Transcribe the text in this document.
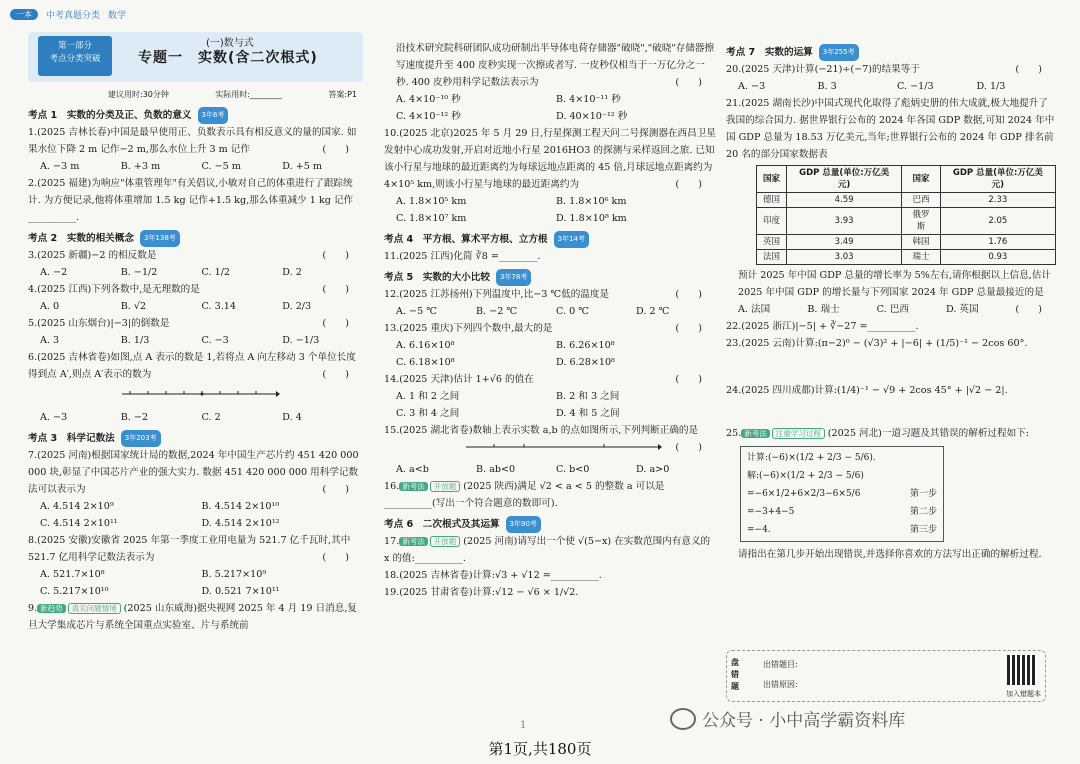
一本	中考真题分类 数学
第一部分
考点分类突破
(一)数与式
专题一　实数(含二次根式)
建议用时:30分钟	实际用时:________	答案:P1
考点 1　实数的分类及正、负数的意义	3年6考

1.(2025 吉林长春)中国是最早使用正、负数表示具有相反意义的量的国家. 如果水位下降 2 m 记作−2 m,那么水位上升 3 m 记作	(　　)

A. −3 m	B. +3 m	C. −5 m	D. +5 m

2.(2025 福建)为响应"体重管理年"有关倡议,小敏对自己的体重进行了跟踪统计. 为方便记录,他将体重增加 1.5 kg 记作+1.5 kg,那么体重减少 1 kg 记作__________.

考点 2　实数的相关概念	3年138考

3.(2025 新疆)−2 的相反数是	(　　)

A. −2	B. −1/2	C. 1/2	D. 2

4.(2025 江西)下列各数中,是无理数的是	(　　)

A. 0	B. √2	C. 3.14	D. 2/3

5.(2025 山东烟台)|−3|的倒数是	(　　)

A. 3	B. 1/3	C. −3	D. −1/3

6.(2025 吉林省卷)如图,点 A 表示的数是 1,若将点 A 向左移动 3 个单位长度得到点 A′,则点 A′表示的数为	(　　)

A. −3	B. −2	C. 2	D. 4
考点 3　科学记数法	3年203考

7.(2025 河南)根据国家统计局的数据,2024 年中国生产芯片约 451 420 000 000 块,彰显了中国芯片产业的强大实力. 数据 451 420 000 000 用科学记数法可以表示为	(　　)

A. 4.514 2×10⁹	B. 4.514 2×10¹⁰
C. 4.514 2×10¹¹	D. 4.514 2×10¹²

8.(2025 安徽)安徽省 2025 年第一季度工业用电量为 521.7 亿千瓦时,其中 521.7 亿用科学记数法表示为	(　　)

A. 521.7×10⁸	B. 5.217×10⁹
C. 5.217×10¹⁰	D. 0.521 7×10¹¹

9. 新趋势 真实问题情境 (2025 山东威海)据央视网 2025 年 4 月 19 日消息,复旦大学集成芯片与系统全国重点实验室、片与系统前

沿技术研究院科研团队成功研制出半导体电荷存储器"破晓","破晓"存储器擦写速度提升至 400 皮秒实现一次擦或者写. 一皮秒仅相当于一万亿分之一秒. 400 皮秒用科学记数法表示为	(　　)

A. 4×10⁻¹⁰ 秒	B. 4×10⁻¹¹ 秒
C. 4×10⁻¹² 秒	D. 40×10⁻¹² 秒

10.(2025 北京)2025 年 5 月 29 日,行星探测工程天问二号探测器在西昌卫星发射中心成功发射,开启对近地小行星 2016HO3 的探测与采样返回之旅. 已知该小行星与地球的最近距离约为每球远地点距离的 45 倍,月球远地点距离约为 4×10⁵ km,则该小行星与地球的最近距离约为	(　　)

A. 1.8×10⁵ km	B. 1.8×10⁶ km
C. 1.8×10⁷ km	D. 1.8×10⁸ km
考点 4　平方根、算术平方根、立方根	3年14考

11.(2025 江西)化简 ∛8 =________.

考点 5　实数的大小比较	3年78考

12.(2025 江苏扬州)下列温度中,比−3 ℃低的温度是	(　　)

A. −5 ℃	B. −2 ℃	C. 0 ℃	D. 2 ℃

13.(2025 重庆)下列四个数中,最大的是	(　　)

A. 6.16×10⁸	B. 6.26×10⁸
C. 6.18×10⁸	D. 6.28×10⁸

14.(2025 天津)估计 1+√6 的值在	(　　)

A. 1 和 2 之间	B. 2 和 3 之间
C. 3 和 4 之间	D. 4 和 5 之间

15.(2025 湖北省卷)数轴上表示实数 a,b 的点如图所示,下列判断正确的是
(　　)

A. a<b	B. ab<0	C. b<0	D. a>0

16. 新考法 开放题 (2025 陕西)满足 √2 < a < 5 的整数 a 可以是__________(写出一个符合题意的数即可).

考点 6　二次根式及其运算	3年90考

17. 新考法 开放题 (2025 河南)请写出一个使 √(5−x) 在实数范围内有意义的 x 的值:__________.

18.(2025 吉林省卷)计算:√3 + √12 =__________.

19.(2025 甘肃省卷)计算:√12 − √6 × 1/√2.

考点 7　实数的运算	3年255考

20.(2025 天津)计算(−21)÷(−7)的结果等于	(　　)

A. −3	B. 3	C. −1/3	D. 1/3

21.(2025 湖南长沙)中国式现代化取得了彪炳史册的伟大成就,极大地提升了我国的综合国力. 据世界银行公布的 2024 年各国 GDP 数据,可知 2024 年中国 GDP 总量为 18.53 万亿美元,当年;世界银行公布的 2024 年 GDP 排名前 20 名的部分国家数据表

国家	GDP 总量(单位:万亿美元)	国家	GDP 总量(单位:万亿美元)
德国	4.59	巴西	2.33
印度	3.93	俄罗斯	2.05
英国	3.49	韩国	1.76
法国	3.03	瑞士	0.93

预计 2025 年中国 GDP 总量的增长率为 5%左右,请你根据以上信息,估计 2025 年中国 GDP 的增长量与下列国家 2024 年 GDP 总量最接近的是
(　　)

A. 法国	B. 瑞士	C. 巴西	D. 英国

22.(2025 浙江)|−5| + ∛−27 =__________.

23.(2025 云南)计算:(π−2)⁰ − (√3)² + |−6| + (1/5)⁻¹ − 2cos 60°.

24.(2025 四川成都)计算:(1/4)⁻¹ − √9 + 2cos 45° + |√2 − 2|.

25. 新考法 注重学习过程 (2025 河北)一道习题及其错误的解析过程如下:

计算:(−6)×(1/2 + 2/3 − 5/6).
解:(−6)×(1/2 + 2/3 − 5/6)
=−6×1/2+6×2/3−6×5/6	第一步
=−3+4−5	第二步
=−4.	第三步

请指出在第几步开始出现错误,并选择你喜欢的方法写出正确的解析过程.

盘错题
出错题目:
出错原因:
加入错题本
1	公众号 · 小中高学霸资料库
第1页,共180页
